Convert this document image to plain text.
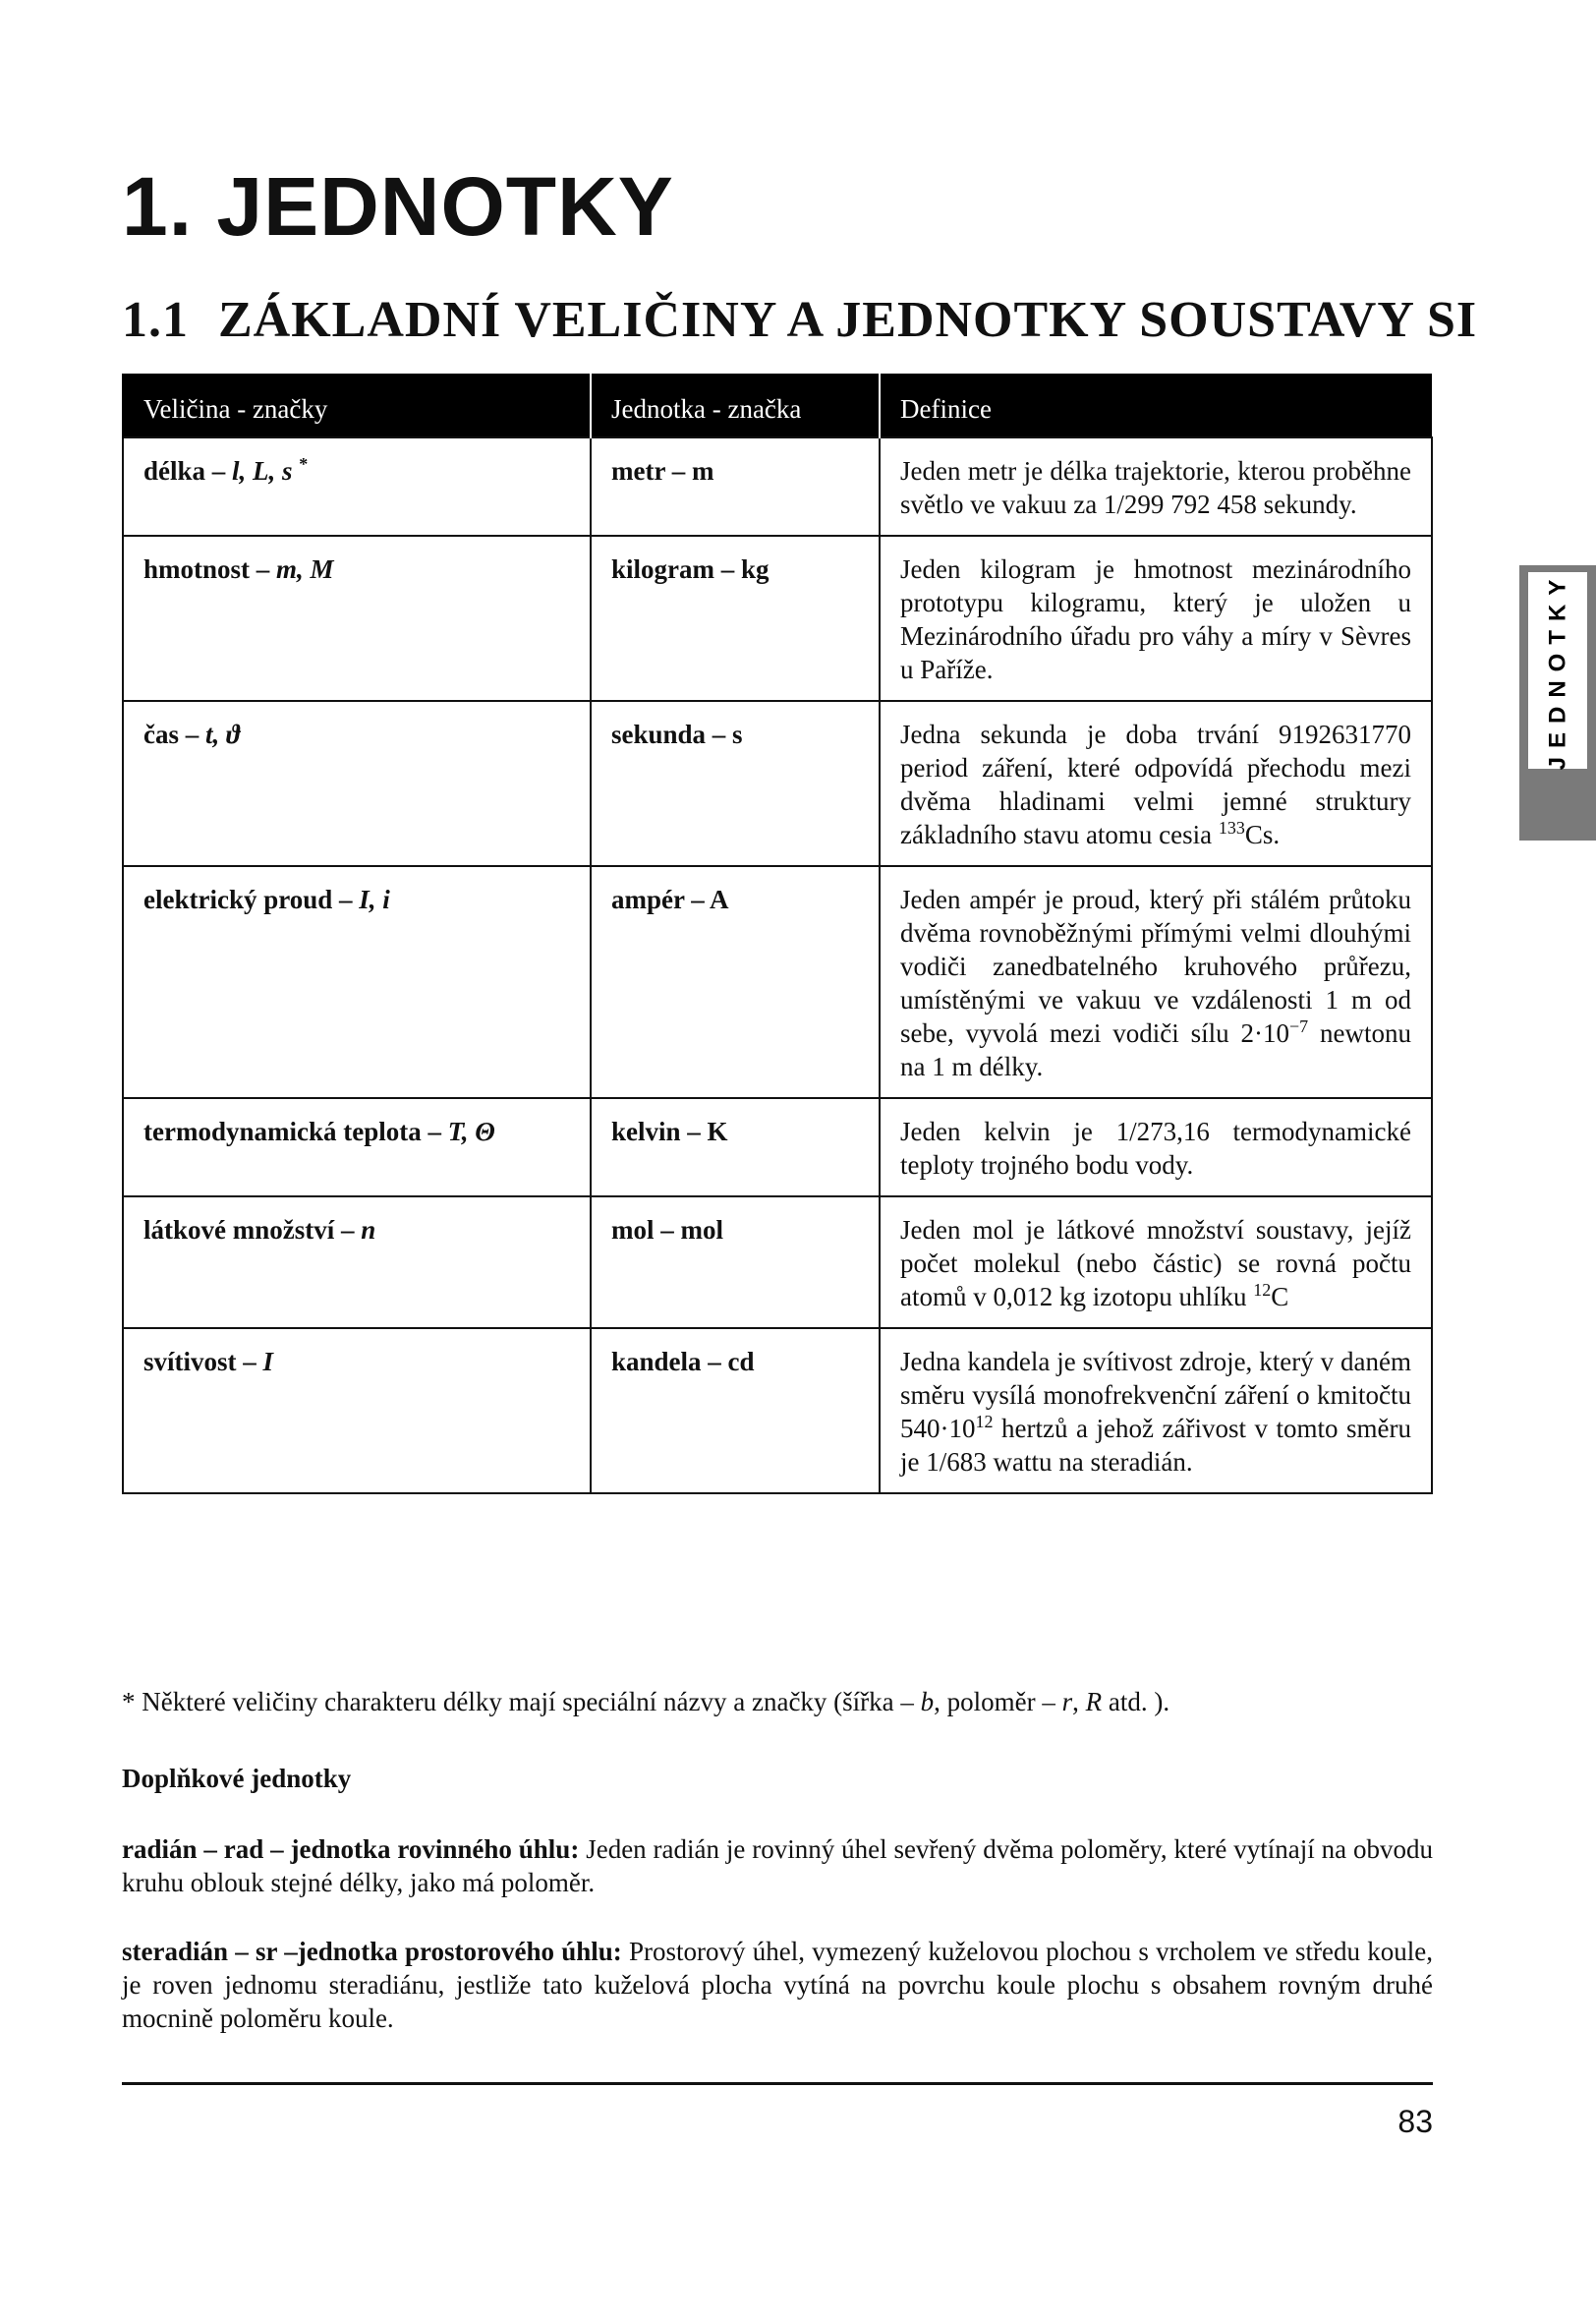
1. JEDNOTKY
1.1 ZÁKLADNÍ VELIČINY A JEDNOTKY SOUSTAVY SI
JEDNOTKY
Veličina - značky	Jednotka - značka	Definice
délka – l, L, s *	metr – m	Jeden metr je délka trajektorie, kterou proběhne světlo ve vakuu za 1/299 792 458 sekundy.
hmotnost – m, M	kilogram – kg	Jeden kilogram je hmotnost mezinárodního prototypu kilogramu, který je uložen u Mezinárodního úřadu pro váhy a míry v Sèvres u Paříže.
čas – t, ϑ	sekunda – s	Jedna sekunda je doba trvání 9192631770 period záření, které odpovídá přechodu mezi dvěma hladinami velmi jemné struktury základního stavu atomu cesia $^{133}$Cs.
elektrický proud – I, i	ampér – A	Jeden ampér je proud, který při stálém průtoku dvěma rovnoběžnými přímými velmi dlouhými vodiči zanedbatelného kruhového průřezu, umístěnými ve vakuu ve vzdálenosti 1 m od sebe, vyvolá mezi vodiči sílu $2\cdot 10^{-7}$ newtonu na 1 m délky.
termodynamická teplota – T, Θ	kelvin – K	Jeden kelvin je 1/273,16 termodynamické teploty trojného bodu vody.
látkové množství – n	mol – mol	Jeden mol je látkové množství soustavy, jejíž počet molekul (nebo částic) se rovná počtu atomů v 0,012 kg izotopu uhlíku $^{12}$C
svítivost – I	kandela – cd	Jedna kandela je svítivost zdroje, který v daném směru vysílá monofrekvenční záření o kmitočtu $540\cdot 10^{12}$ hertzů a jehož zářivost v tomto směru je 1/683 wattu na steradián.

* Některé veličiny charakteru délky mají speciální názvy a značky (šířka – b, poloměr – r, R atd. ).

Doplňkové jednotky

radián – rad – jednotka rovinného úhlu: Jeden radián je rovinný úhel sevřený dvěma poloměry, které vytínají na obvodu kruhu oblouk stejné délky, jako má poloměr.

steradián – sr –jednotka prostorového úhlu: Prostorový úhel, vymezený kuželovou plochou s vrcholem ve středu koule, je roven jednomu steradiánu, jestliže tato kuželová plocha vytíná na povrchu koule plochu s obsahem rovným druhé mocnině poloměru koule.

83
